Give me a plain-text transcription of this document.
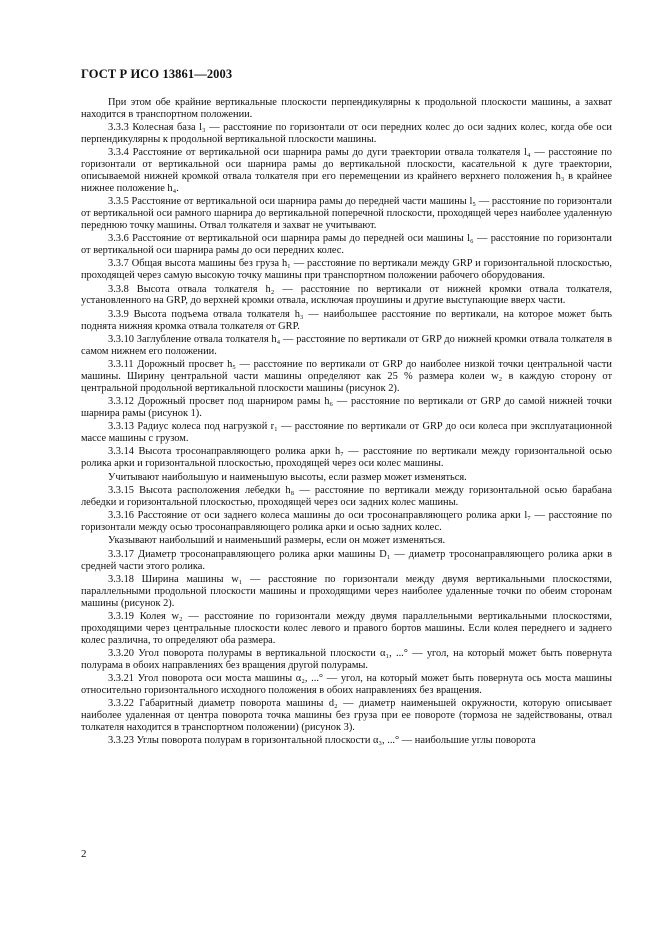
ГОСТ Р ИСО 13861—2003

При этом обе крайние вертикальные плоскости перпендикулярны к продольной плоскости машины, а захват находится в транспортном положении.

3.3.3 Колесная база l₃ — расстояние по горизонтали от оси передних колес до оси задних колес, когда обе оси перпендикулярны к продольной вертикальной плоскости машины.

3.3.4 Расстояние от вертикальной оси шарнира рамы до дуги траектории отвала толкателя l₄ — расстояние по горизонтали от вертикальной оси шарнира рамы до вертикальной плоскости, касательной к дуге траектории, описываемой нижней кромкой отвала толкателя при его перемещении из крайнего верхнего положения h₃ в крайнее нижнее положение h₄.

3.3.5 Расстояние от вертикальной оси шарнира рамы до передней части машины l₅ — расстояние по горизонтали от вертикальной оси рамного шарнира до вертикальной поперечной плоскости, проходящей через наиболее удаленную переднюю точку машины. Отвал толкателя и захват не учитывают.

3.3.6 Расстояние от вертикальной оси шарнира рамы до передней оси машины l₆ — расстояние по горизонтали от вертикальной оси шарнира рамы до оси передних колес.

3.3.7 Общая высота машины без груза h₁ — расстояние по вертикали между GRP и горизонтальной плоскостью, проходящей через самую высокую точку машины при транспортном положении рабочего оборудования.

3.3.8 Высота отвала толкателя h₂ — расстояние по вертикали от нижней кромки отвала толкателя, установленного на GRP, до верхней кромки отвала, исключая проушины и другие выступающие вверх части.

3.3.9 Высота подъема отвала толкателя h₃ — наибольшее расстояние по вертикали, на которое может быть поднята нижняя кромка отвала толкателя от GRP.

3.3.10 Заглубление отвала толкателя h₄ — расстояние по вертикали от GRP до нижней кромки отвала толкателя в самом нижнем его положении.

3.3.11 Дорожный просвет h₅ — расстояние по вертикали от GRP до наиболее низкой точки центральной части машины. Ширину центральной части машины определяют как 25 % размера колеи w₂ в каждую сторону от центральной продольной вертикальной плоскости машины (рисунок 2).

3.3.12 Дорожный просвет под шарниром рамы h₆ — расстояние по вертикали от GRP до самой нижней точки шарнира рамы (рисунок 1).

3.3.13 Радиус колеса под нагрузкой r₁ — расстояние по вертикали от GRP до оси колеса при эксплуатационной массе машины с грузом.

3.3.14 Высота тросонаправляющего ролика арки h₇ — расстояние по вертикали между горизонтальной осью ролика арки и горизонтальной плоскостью, проходящей через оси колес машины.

Учитывают наибольшую и наименьшую высоты, если размер может изменяться.

3.3.15 Высота расположения лебедки h₈ — расстояние по вертикали между горизонтальной осью барабана лебедки и горизонтальной плоскостью, проходящей через оси задних колес машины.

3.3.16 Расстояние от оси заднего колеса машины до оси тросонаправляющего ролика арки l₇ — расстояние по горизонтали между осью тросонаправляющего ролика арки и осью задних колес.

Указывают наибольший и наименьший размеры, если он может изменяться.

3.3.17 Диаметр тросонаправляющего ролика арки машины D₁ — диаметр тросонаправляющего ролика арки в средней части этого ролика.

3.3.18 Ширина машины w₁ — расстояние по горизонтали между двумя вертикальными плоскостями, параллельными продольной плоскости машины и проходящими через наиболее удаленные точки по обеим сторонам машины (рисунок 2).

3.3.19 Колея w₂ — расстояние по горизонтали между двумя параллельными вертикальными плоскостями, проходящими через центральные плоскости колес левого и правого бортов машины. Если колея переднего и заднего колес различна, то определяют оба размера.

3.3.20 Угол поворота полурамы в вертикальной плоскости α₁, ...° — угол, на который может быть повернута полурама в обоих направлениях без вращения другой полурамы.

3.3.21 Угол поворота оси моста машины α₂, ...° — угол, на который может быть повернута ось моста машины относительно горизонтального исходного положения в обоих направлениях без вращения.

3.3.22 Габаритный диаметр поворота машины d₂ — диаметр наименьшей окружности, которую описывает наиболее удаленная от центра поворота точка машины без груза при ее повороте (тормоза не задействованы, отвал толкателя находится в транспортном положении) (рисунок 3).

3.3.23 Углы поворота полурам в горизонтальной плоскости α₃, ...° — наибольшие углы поворота

2
